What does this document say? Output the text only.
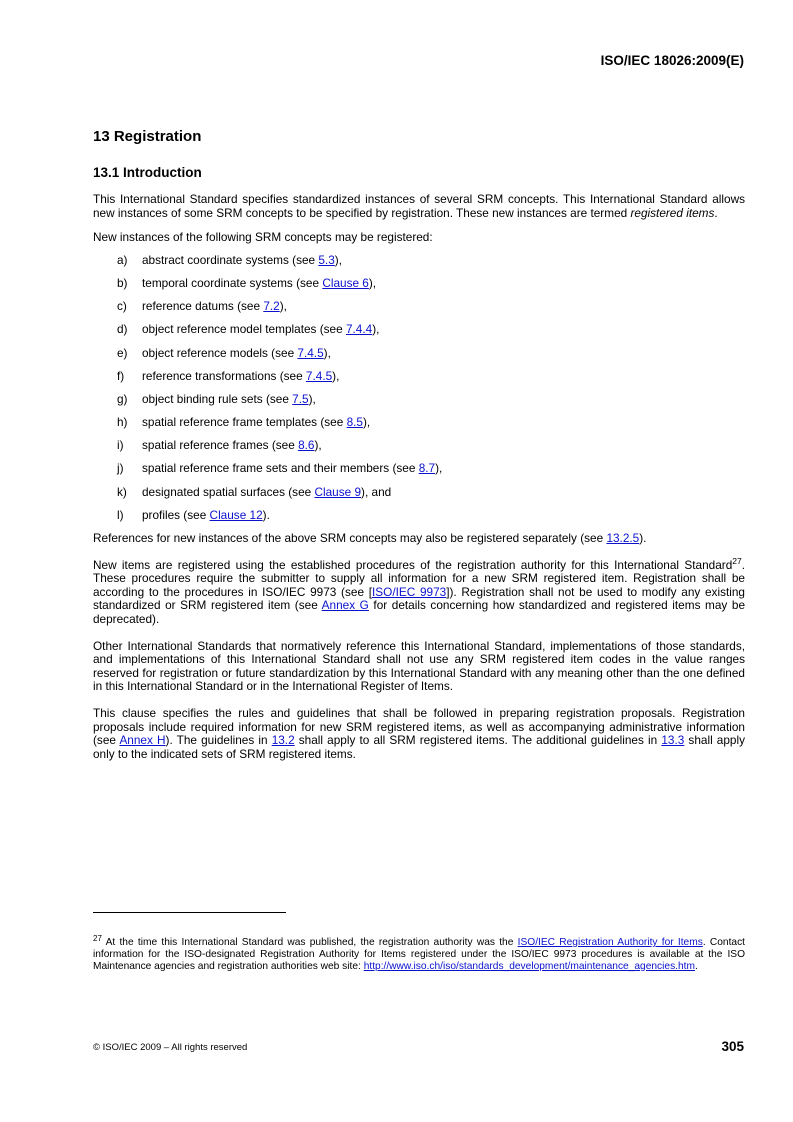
ISO/IEC 18026:2009(E)
13 Registration
13.1 Introduction

This International Standard specifies standardized instances of several SRM concepts. This International Standard allows new instances of some SRM concepts to be specified by registration. These new instances are termed registered items.

New instances of the following SRM concepts may be registered:

a) abstract coordinate systems (see 5.3),
b) temporal coordinate systems (see Clause 6),
c) reference datums (see 7.2),
d) object reference model templates (see 7.4.4),
e) object reference models (see 7.4.5),
f) reference transformations (see 7.4.5),
g) object binding rule sets (see 7.5),
h) spatial reference frame templates (see 8.5),
i) spatial reference frames (see 8.6),
j) spatial reference frame sets and their members (see 8.7),
k) designated spatial surfaces (see Clause 9), and
l) profiles (see Clause 12).

References for new instances of the above SRM concepts may also be registered separately (see 13.2.5).

New items are registered using the established procedures of the registration authority for this International Standard$^{27}$. These procedures require the submitter to supply all information for a new SRM registered item. Registration shall be according to the procedures in ISO/IEC 9973 (see [ISO/IEC 9973]). Registration shall not be used to modify any existing standardized or SRM registered item (see Annex G for details concerning how standardized and registered items may be deprecated).

Other International Standards that normatively reference this International Standard, implementations of those standards, and implementations of this International Standard shall not use any SRM registered item codes in the value ranges reserved for registration or future standardization by this International Standard with any meaning other than the one defined in this International Standard or in the International Register of Items.

This clause specifies the rules and guidelines that shall be followed in preparing registration proposals. Registration proposals include required information for new SRM registered items, as well as accompanying administrative information (see Annex H). The guidelines in 13.2 shall apply to all SRM registered items. The additional guidelines in 13.3 shall apply only to the indicated sets of SRM registered items.

$^{27}$ At the time this International Standard was published, the registration authority was the ISO/IEC Registration Authority for Items. Contact information for the ISO-designated Registration Authority for Items registered under the ISO/IEC 9973 procedures is available at the ISO Maintenance agencies and registration authorities web site: http://www.iso.ch/iso/standards_development/maintenance_agencies.htm.
© ISO/IEC 2009 – All rights reserved	305
